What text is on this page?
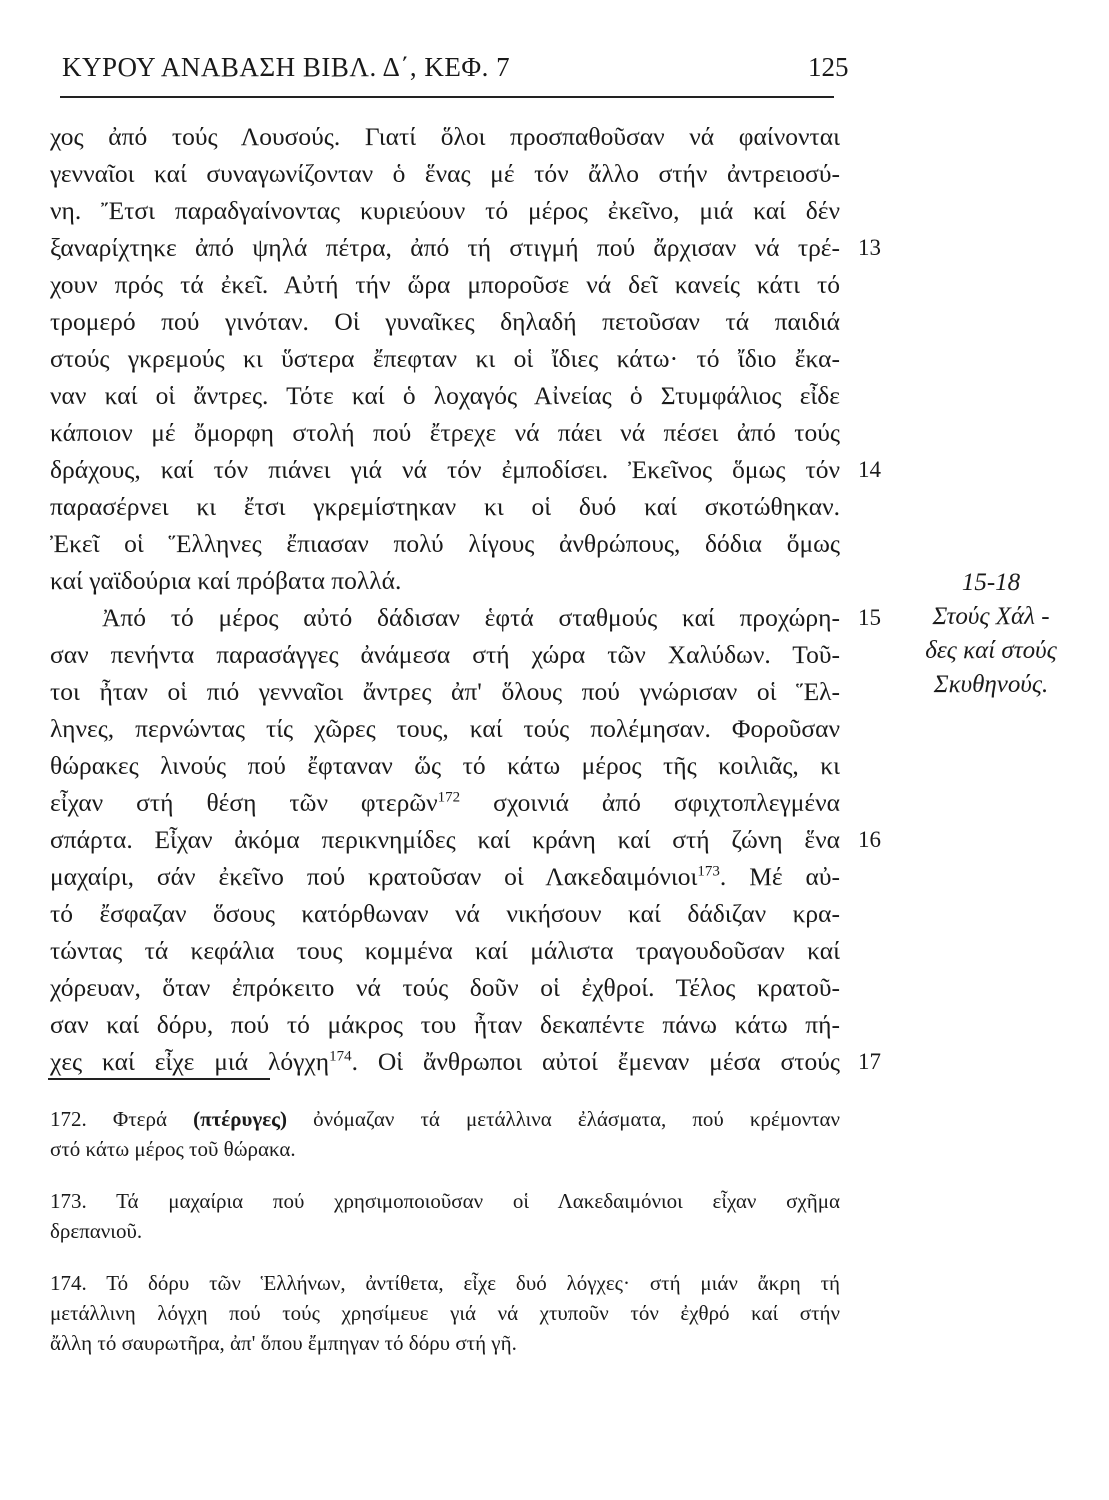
ΚΥΡΟΥ ΑΝΑΒΑΣΗ ΒΙΒΛ. Δ΄, ΚΕΦ. 7	125
χος ἀπό τούς Λουσούς. Γιατί ὅλοι προσπαθοῦσαν νά φαίνονται
γενναῖοι καί συναγωνίζονταν ὁ ἕνας μέ τόν ἄλλο στήν ἀντρειοσύ-
νη. Ἔτσι παραδγαίνοντας κυριεύουν τό μέρος ἐκεῖνο, μιά καί δέν
ξαναρίχτηκε ἀπό ψηλά πέτρα, ἀπό τή στιγμή πού ἄρχισαν νά τρέ-
χουν πρός τά ἐκεῖ. Αὐτή τήν ὥρα μποροῦσε νά δεῖ κανείς κάτι τό
τρομερό πού γινόταν. Οἱ γυναῖκες δηλαδή πετοῦσαν τά παιδιά
στούς γκρεμούς κι ὕστερα ἔπεφταν κι οἱ ἴδιες κάτω· τό ἴδιο ἔκα-
ναν καί οἱ ἄντρες. Τότε καί ὁ λοχαγός Αἰνείας ὁ Στυμφάλιος εἶδε
κάποιον μέ ὄμορφη στολή πού ἔτρεχε νά πάει νά πέσει ἀπό τούς
δράχους, καί τόν πιάνει γιά νά τόν ἐμποδίσει. Ἐκεῖνος ὅμως τόν
παρασέρνει κι ἔτσι γκρεμίστηκαν κι οἱ δυό καί σκοτώθηκαν.
Ἐκεῖ οἱ Ἕλληνες ἔπιασαν πολύ λίγους ἀνθρώπους, δόδια ὅμως
καί γαϊδούρια καί πρόβατα πολλά.
Ἀπό τό μέρος αὐτό δάδισαν ἑφτά σταθμούς καί προχώρη-
σαν πενήντα παρασάγγες ἀνάμεσα στή χώρα τῶν Χαλύδων. Τοῦ-
τοι ἦταν οἱ πιό γενναῖοι ἄντρες ἀπ' ὅλους πού γνώρισαν οἱ Ἕλ-
ληνες, περνώντας τίς χῶρες τους, καί τούς πολέμησαν. Φοροῦσαν
θώρακες λινούς πού ἔφταναν ὥς τό κάτω μέρος τῆς κοιλιᾶς, κι
εἶχαν στή θέση τῶν φτερῶν$^{172}$ σχοινιά ἀπό σφιχτοπλεγμένα
σπάρτα. Εἶχαν ἀκόμα περικνημίδες καί κράνη καί στή ζώνη ἕνα
μαχαίρι, σάν ἐκεῖνο πού κρατοῦσαν οἱ Λακεδαιμόνιοι$^{173}$. Μέ αὐ-
τό ἔσφαζαν ὅσους κατόρθωναν νά νικήσουν καί δάδιζαν κρα-
τώντας τά κεφάλια τους κομμένα καί μάλιστα τραγουδοῦσαν καί
χόρευαν, ὅταν ἐπρόκειτο νά τούς δοῦν οἱ ἐχθροί. Τέλος κρατοῦ-
σαν καί δόρυ, πού τό μάκρος του ἦταν δεκαπέντε πάνω κάτω πή-
χες καί εἶχε μιά λόγχη$^{174}$. Οἱ ἄνθρωποι αὐτοί ἔμεναν μέσα στούς
13
14
15
16
17
15-18
Στούς Χάλ -
δες καί στούς
Σκυθηνούς.
172. Φτερά (πτέρυγες) ὀνόμαζαν τά μετάλλινα ἐλάσματα, πού κρέμονταν
στό κάτω μέρος τοῦ θώρακα.
173. Τά μαχαίρια πού χρησιμοποιοῦσαν οἱ Λακεδαιμόνιοι εἶχαν σχῆμα
δρεπανιοῦ.
174. Τό δόρυ τῶν Ἑλλήνων, ἀντίθετα, εἶχε δυό λόγχες· στή μιάν ἄκρη τή
μετάλλινη λόγχη πού τούς χρησίμευε γιά νά χτυποῦν τόν ἐχθρό καί στήν
ἄλλη τό σαυρωτῆρα, ἀπ' ὅπου ἔμπηγαν τό δόρυ στή γῆ.
